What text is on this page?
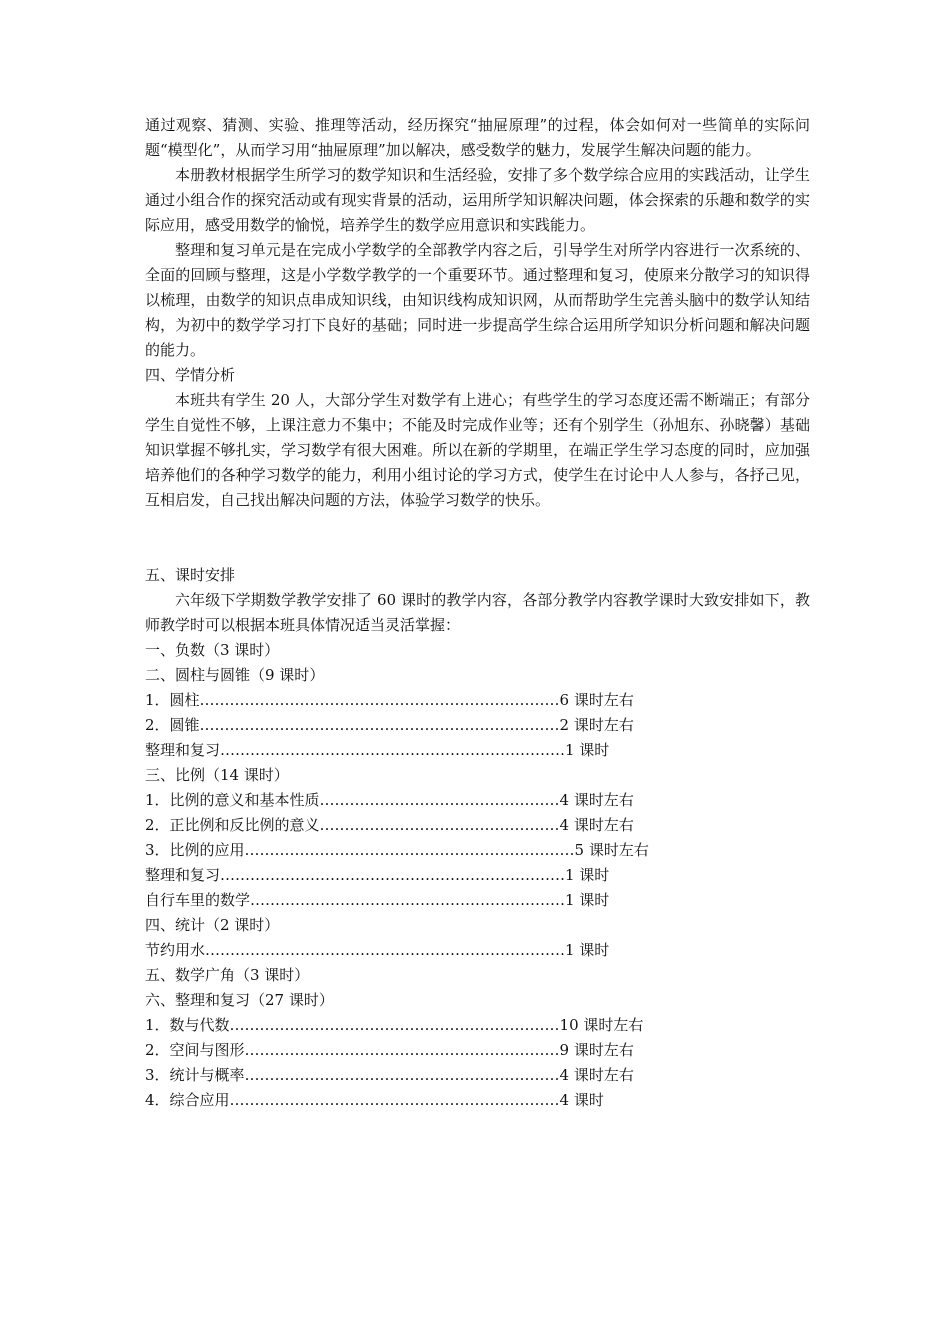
通过观察、猜测、实验、推理等活动，经历探究“抽屉原理”的过程，体会如何对一些简单的实际问题“模型化”，从而学习用“抽屉原理”加以解决，感受数学的魅力，发展学生解决问题的能力。

本册教材根据学生所学习的数学知识和生活经验，安排了多个数学综合应用的实践活动，让学生通过小组合作的探究活动或有现实背景的活动，运用所学知识解决问题，体会探索的乐趣和数学的实际应用，感受用数学的愉悦，培养学生的数学应用意识和实践能力。

整理和复习单元是在完成小学数学的全部教学内容之后，引导学生对所学内容进行一次系统的、全面的回顾与整理，这是小学数学教学的一个重要环节。通过整理和复习，使原来分散学习的知识得以梳理，由数学的知识点串成知识线，由知识线构成知识网，从而帮助学生完善头脑中的数学认知结构，为初中的数学学习打下良好的基础；同时进一步提高学生综合运用所学知识分析问题和解决问题的能力。

四、学情分析

本班共有学生 20 人，大部分学生对数学有上进心；有些学生的学习态度还需不断端正；有部分学生自觉性不够，上课注意力不集中；不能及时完成作业等；还有个别学生（孙旭东、孙晓馨）基础知识掌握不够扎实，学习数学有很大困难。所以在新的学期里，在端正学生学习态度的同时，应加强培养他们的各种学习数学的能力，利用小组讨论的学习方式，使学生在讨论中人人参与，各抒己见，互相启发，自己找出解决问题的方法，体验学习数学的快乐。

五、课时安排

六年级下学期数学教学安排了 60 课时的教学内容，各部分教学内容教学课时大致安排如下，教师教学时可以根据本班具体情况适当灵活掌握：

一、负数（3 课时）
二、圆柱与圆锥（9 课时）
1．圆柱………………………………………………………………6 课时左右
2．圆锥………………………………………………………………2 课时左右
整理和复习……………………………………………………………1 课时
三、比例（14 课时）
1．比例的意义和基本性质…………………………………………4 课时左右
2．正比例和反比例的意义…………………………………………4 课时左右
3．比例的应用…………………………………………………………5 课时左右
整理和复习……………………………………………………………1 课时
自行车里的数学………………………………………………………1 课时
四、统计（2 课时）
节约用水………………………………………………………………1 课时
五、数学广角（3 课时）
六、整理和复习（27 课时）
1．数与代数…………………………………………………………10 课时左右
2．空间与图形………………………………………………………9 课时左右
3．统计与概率………………………………………………………4 课时左右
4．综合应用…………………………………………………………4 课时
